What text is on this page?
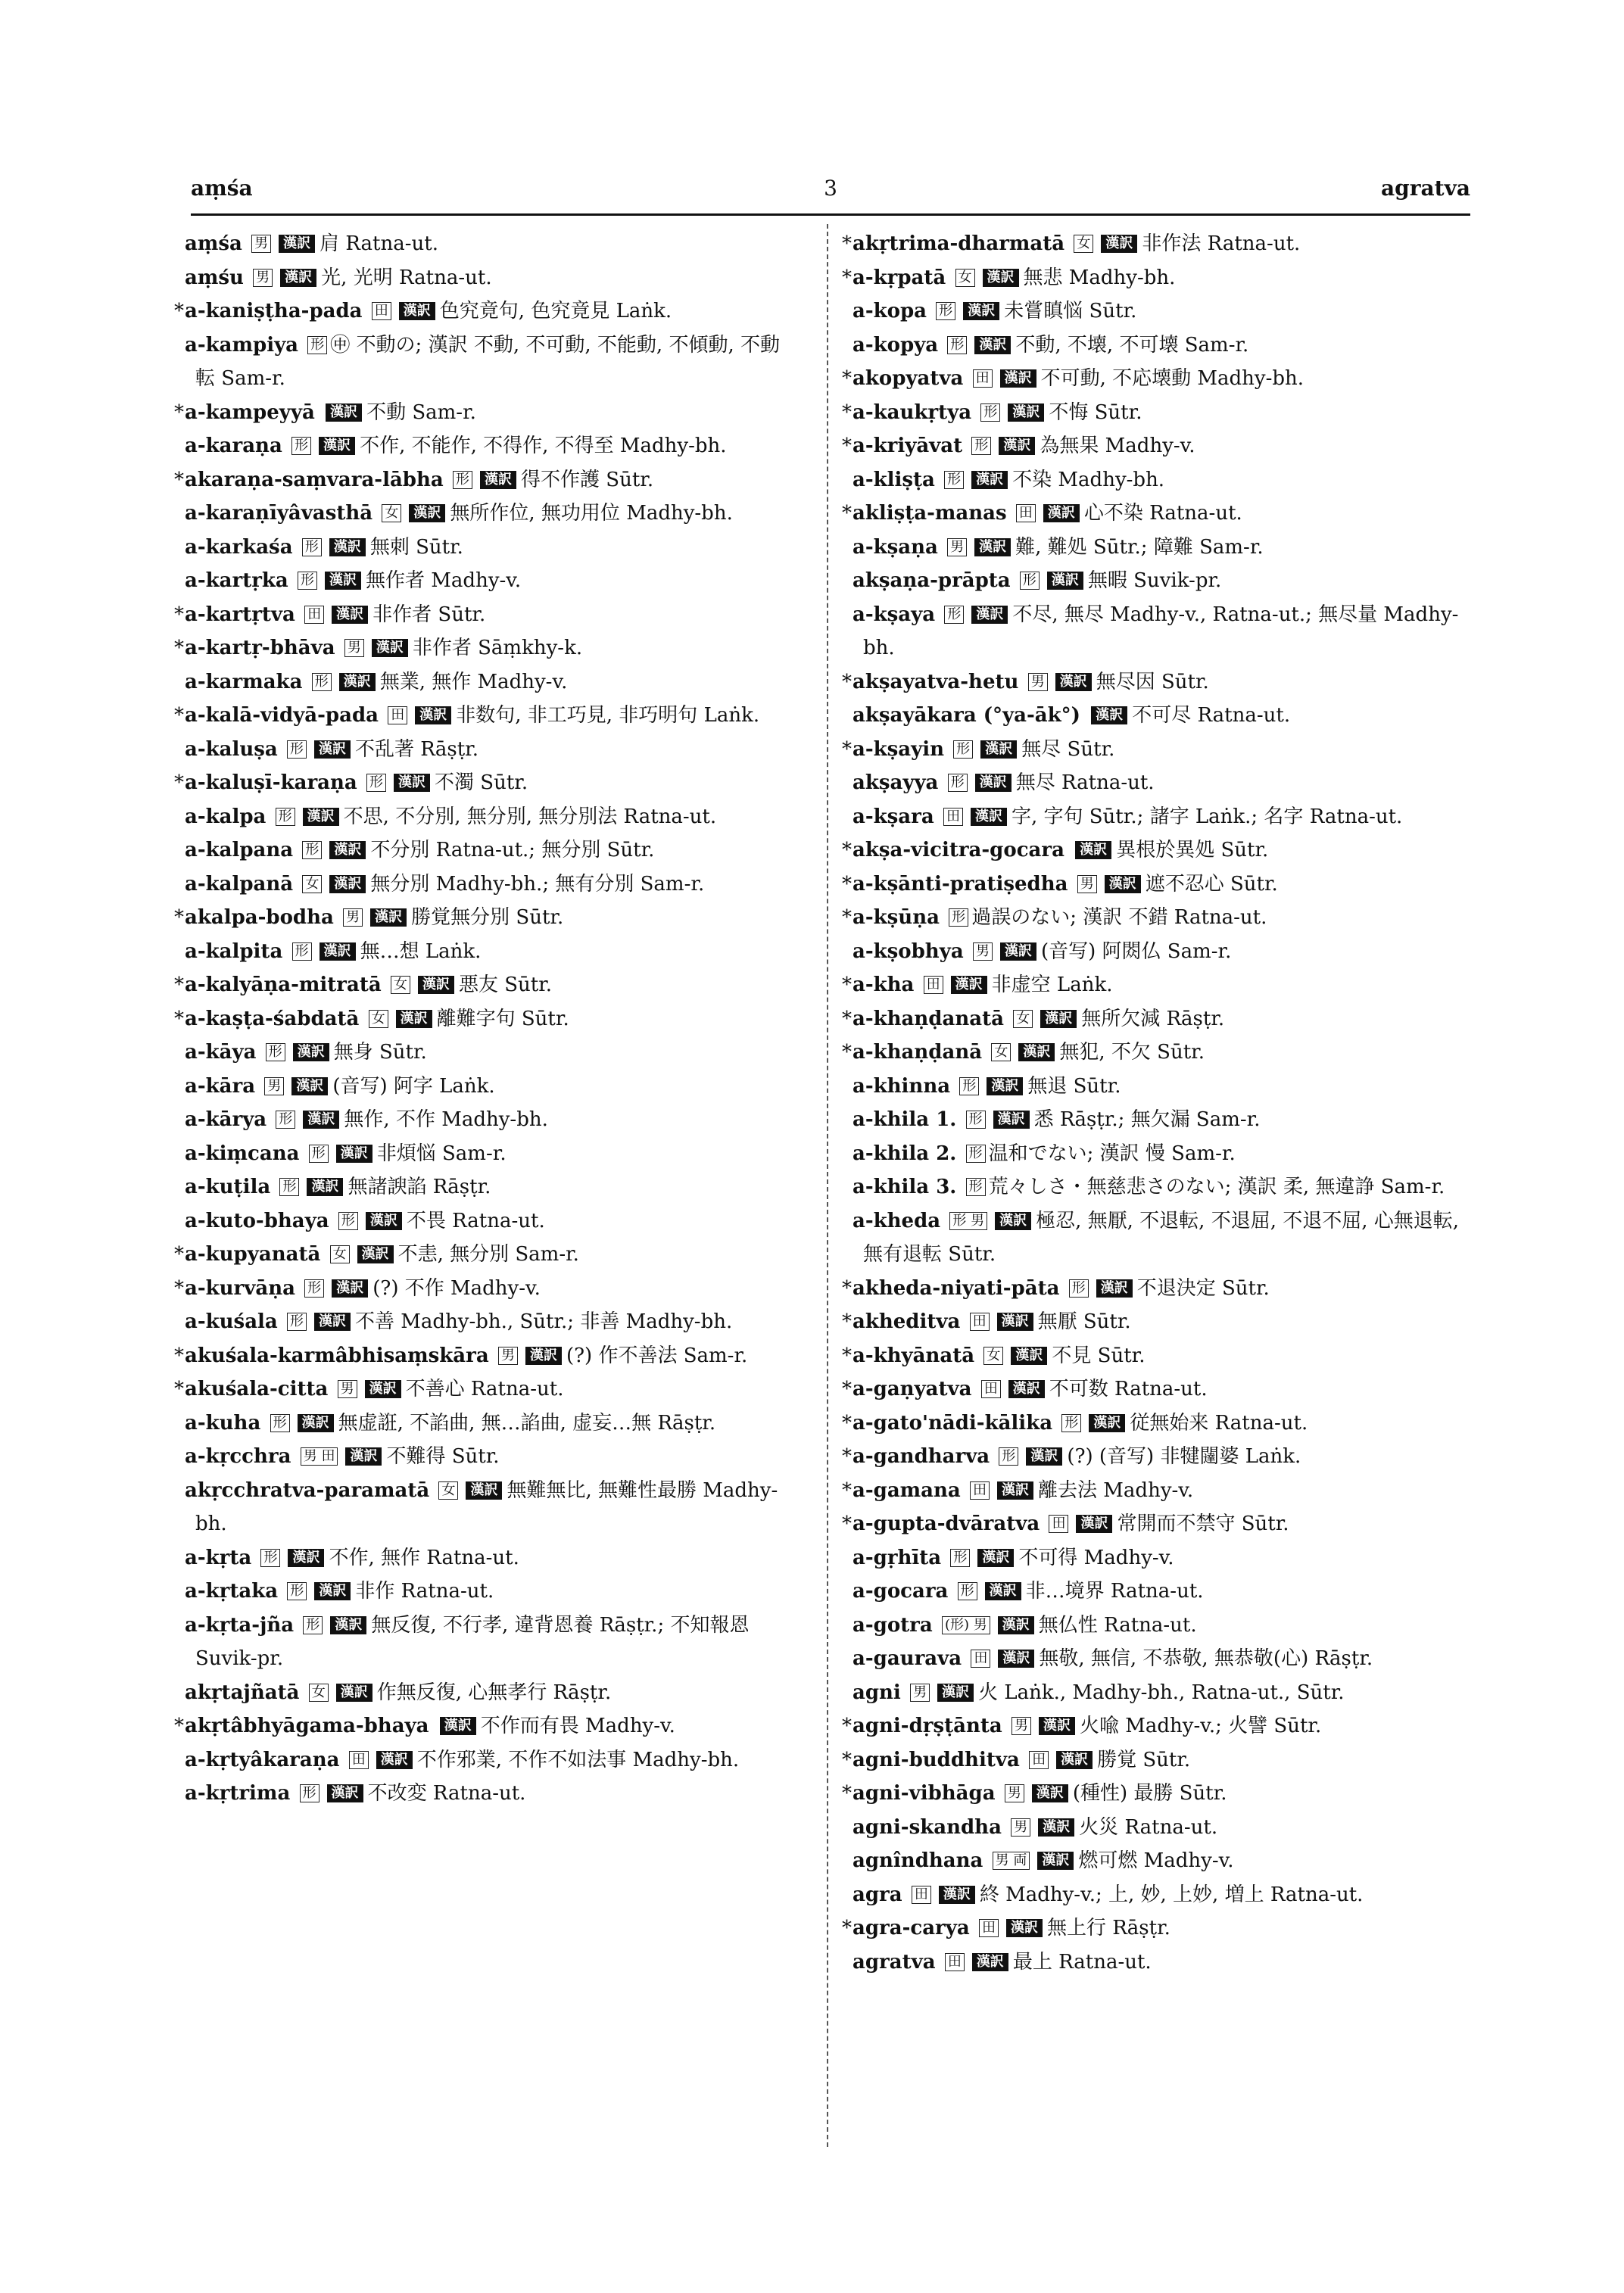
aṃśa	3	agratva

aṃśa 男 漢訳 肩 Ratna-ut.

aṃśu 男 漢訳 光, 光明 Ratna-ut.

*a-kaniṣṭha-pada 田 漢訳 色究竟句, 色究竟見 Laṅk.

a-kampiya 形 ㊥ 不動の; 漢訳 不動, 不可動, 不能動, 不傾動, 不動転 Sam-r.

*a-kampeyyā 漢訳 不動 Sam-r.

a-karaṇa 形 漢訳 不作, 不能作, 不得作, 不得至 Madhy-bh.

*akaraṇa-saṃvara-lābha 形 漢訳 得不作護 Sūtr.

a-karaṇīyâvasthā 女 漢訳 無所作位, 無功用位 Madhy-bh.

a-karkaśa 形 漢訳 無刺 Sūtr.

a-kartṛka 形 漢訳 無作者 Madhy-v.

*a-kartṛtva 田 漢訳 非作者 Sūtr.

*a-kartṛ-bhāva 男 漢訳 非作者 Sāṃkhy-k.

a-karmaka 形 漢訳 無業, 無作 Madhy-v.

*a-kalā-vidyā-pada 田 漢訳 非数句, 非工巧見, 非巧明句 Laṅk.

a-kaluṣa 形 漢訳 不乱著 Rāṣṭr.

*a-kaluṣī-karaṇa 形 漢訳 不濁 Sūtr.

a-kalpa 形 漢訳 不思, 不分別, 無分別, 無分別法 Ratna-ut.

a-kalpana 形 漢訳 不分別 Ratna-ut.; 無分別 Sūtr.

a-kalpanā 女 漢訳 無分別 Madhy-bh.; 無有分別 Sam-r.

*akalpa-bodha 男 漢訳 勝覚無分別 Sūtr.

a-kalpita 形 漢訳 無…想 Laṅk.

*a-kalyāṇa-mitratā 女 漢訳 悪友 Sūtr.

*a-kaṣṭa-śabdatā 女 漢訳 離難字句 Sūtr.

a-kāya 形 漢訳 無身 Sūtr.

a-kāra 男 漢訳 (音写) 阿字 Laṅk.

a-kārya 形 漢訳 無作, 不作 Madhy-bh.

a-kiṃcana 形 漢訳 非煩悩 Sam-r.

a-kuṭila 形 漢訳 無諸諛諂 Rāṣṭr.

a-kuto-bhaya 形 漢訳 不畏 Ratna-ut.

*a-kupyanatā 女 漢訳 不恚, 無分別 Sam-r.

*a-kurvāṇa 形 漢訳 (?) 不作 Madhy-v.

a-kuśala 形 漢訳 不善 Madhy-bh., Sūtr.; 非善 Madhy-bh.

*akuśala-karmâbhisaṃskāra 男 漢訳 (?) 作不善法 Sam-r.

*akuśala-citta 男 漢訳 不善心 Ratna-ut.

a-kuha 形 漢訳 無虚誑, 不諂曲, 無…諂曲, 虚妄…無 Rāṣṭr.

a-kṛcchra 男 田 漢訳 不難得 Sūtr.

akṛcchratva-paramatā 女 漢訳 無難無比, 無難性最勝 Madhy-bh.

a-kṛta 形 漢訳 不作, 無作 Ratna-ut.

a-kṛtaka 形 漢訳 非作 Ratna-ut.

a-kṛta-jña 形 漢訳 無反復, 不行孝, 違背恩養 Rāṣṭr.; 不知報恩 Suvik-pr.

akṛtajñatā 女 漢訳 作無反復, 心無孝行 Rāṣṭr.

*akṛtâbhyāgama-bhaya 漢訳 不作而有畏 Madhy-v.

a-kṛtyâkaraṇa 田 漢訳 不作邪業, 不作不如法事 Madhy-bh.

a-kṛtrima 形 漢訳 不改変 Ratna-ut.

*akṛtrima-dharmatā 女 漢訳 非作法 Ratna-ut.

*a-kṛpatā 女 漢訳 無悲 Madhy-bh.

a-kopa 形 漢訳 未嘗瞋悩 Sūtr.

a-kopya 形 漢訳 不動, 不壊, 不可壊 Sam-r.

*akopyatva 田 漢訳 不可動, 不応壊動 Madhy-bh.

*a-kaukṛtya 形 漢訳 不悔 Sūtr.

*a-kriyāvat 形 漢訳 為無果 Madhy-v.

a-kliṣṭa 形 漢訳 不染 Madhy-bh.

*akliṣṭa-manas 田 漢訳 心不染 Ratna-ut.

a-kṣaṇa 男 漢訳 難, 難処 Sūtr.; 障難 Sam-r.

akṣaṇa-prāpta 形 漢訳 無暇 Suvik-pr.

a-kṣaya 形 漢訳 不尽, 無尽 Madhy-v., Ratna-ut.; 無尽量 Madhy-bh.

*akṣayatva-hetu 男 漢訳 無尽因 Sūtr.

akṣayākara (°ya-āk°) 漢訳 不可尽 Ratna-ut.

*a-kṣayin 形 漢訳 無尽 Sūtr.

akṣayya 形 漢訳 無尽 Ratna-ut.

a-kṣara 田 漢訳 字, 字句 Sūtr.; 諸字 Laṅk.; 名字 Ratna-ut.

*akṣa-vicitra-gocara 漢訳 異根於異処 Sūtr.

*a-kṣānti-pratiṣedha 男 漢訳 遮不忍心 Sūtr.

*a-kṣūṇa 形 過誤のない; 漢訳 不錯 Ratna-ut.

a-kṣobhya 男 漢訳 (音写) 阿閦仏 Sam-r.

*a-kha 田 漢訳 非虚空 Laṅk.

*a-khaṇḍanatā 女 漢訳 無所欠減 Rāṣṭr.

*a-khaṇḍanā 女 漢訳 無犯, 不欠 Sūtr.

a-khinna 形 漢訳 無退 Sūtr.

a-khila 1. 形 漢訳 悉 Rāṣṭr.; 無欠漏 Sam-r.

a-khila 2. 形 温和でない; 漢訳 慢 Sam-r.

a-khila 3. 形 荒々しさ・無慈悲さのない; 漢訳 柔, 無違諍 Sam-r.

a-kheda 形 男 漢訳 極忍, 無厭, 不退転, 不退屈, 不退不屈, 心無退転, 無有退転 Sūtr.

*akheda-niyati-pāta 形 漢訳 不退決定 Sūtr.

*akheditva 田 漢訳 無厭 Sūtr.

*a-khyānatā 女 漢訳 不見 Sūtr.

*a-gaṇyatva 田 漢訳 不可数 Ratna-ut.

*a-gato'nādi-kālika 形 漢訳 従無始来 Ratna-ut.

*a-gandharva 形 漢訳 (?) (音写) 非犍闥婆 Laṅk.

*a-gamana 田 漢訳 離去法 Madhy-v.

*a-gupta-dvāratva 田 漢訳 常開而不禁守 Sūtr.

a-gṛhīta 形 漢訳 不可得 Madhy-v.

a-gocara 形 漢訳 非…境界 Ratna-ut.

a-gotra (形) 男 漢訳 無仏性 Ratna-ut.

a-gaurava 田 漢訳 無敬, 無信, 不恭敬, 無恭敬(心) Rāṣṭr.

agni 男 漢訳 火 Laṅk., Madhy-bh., Ratna-ut., Sūtr.

*agni-dṛṣṭānta 男 漢訳 火喩 Madhy-v.; 火譬 Sūtr.

*agni-buddhitva 田 漢訳 勝覚 Sūtr.

*agni-vibhāga 男 漢訳 (種性) 最勝 Sūtr.

agni-skandha 男 漢訳 火災 Ratna-ut.

agnîndhana 男 両 漢訳 燃可燃 Madhy-v.

agra 田 漢訳 終 Madhy-v.; 上, 妙, 上妙, 増上 Ratna-ut.

*agra-carya 田 漢訳 無上行 Rāṣṭr.

agratva 田 漢訳 最上 Ratna-ut.
